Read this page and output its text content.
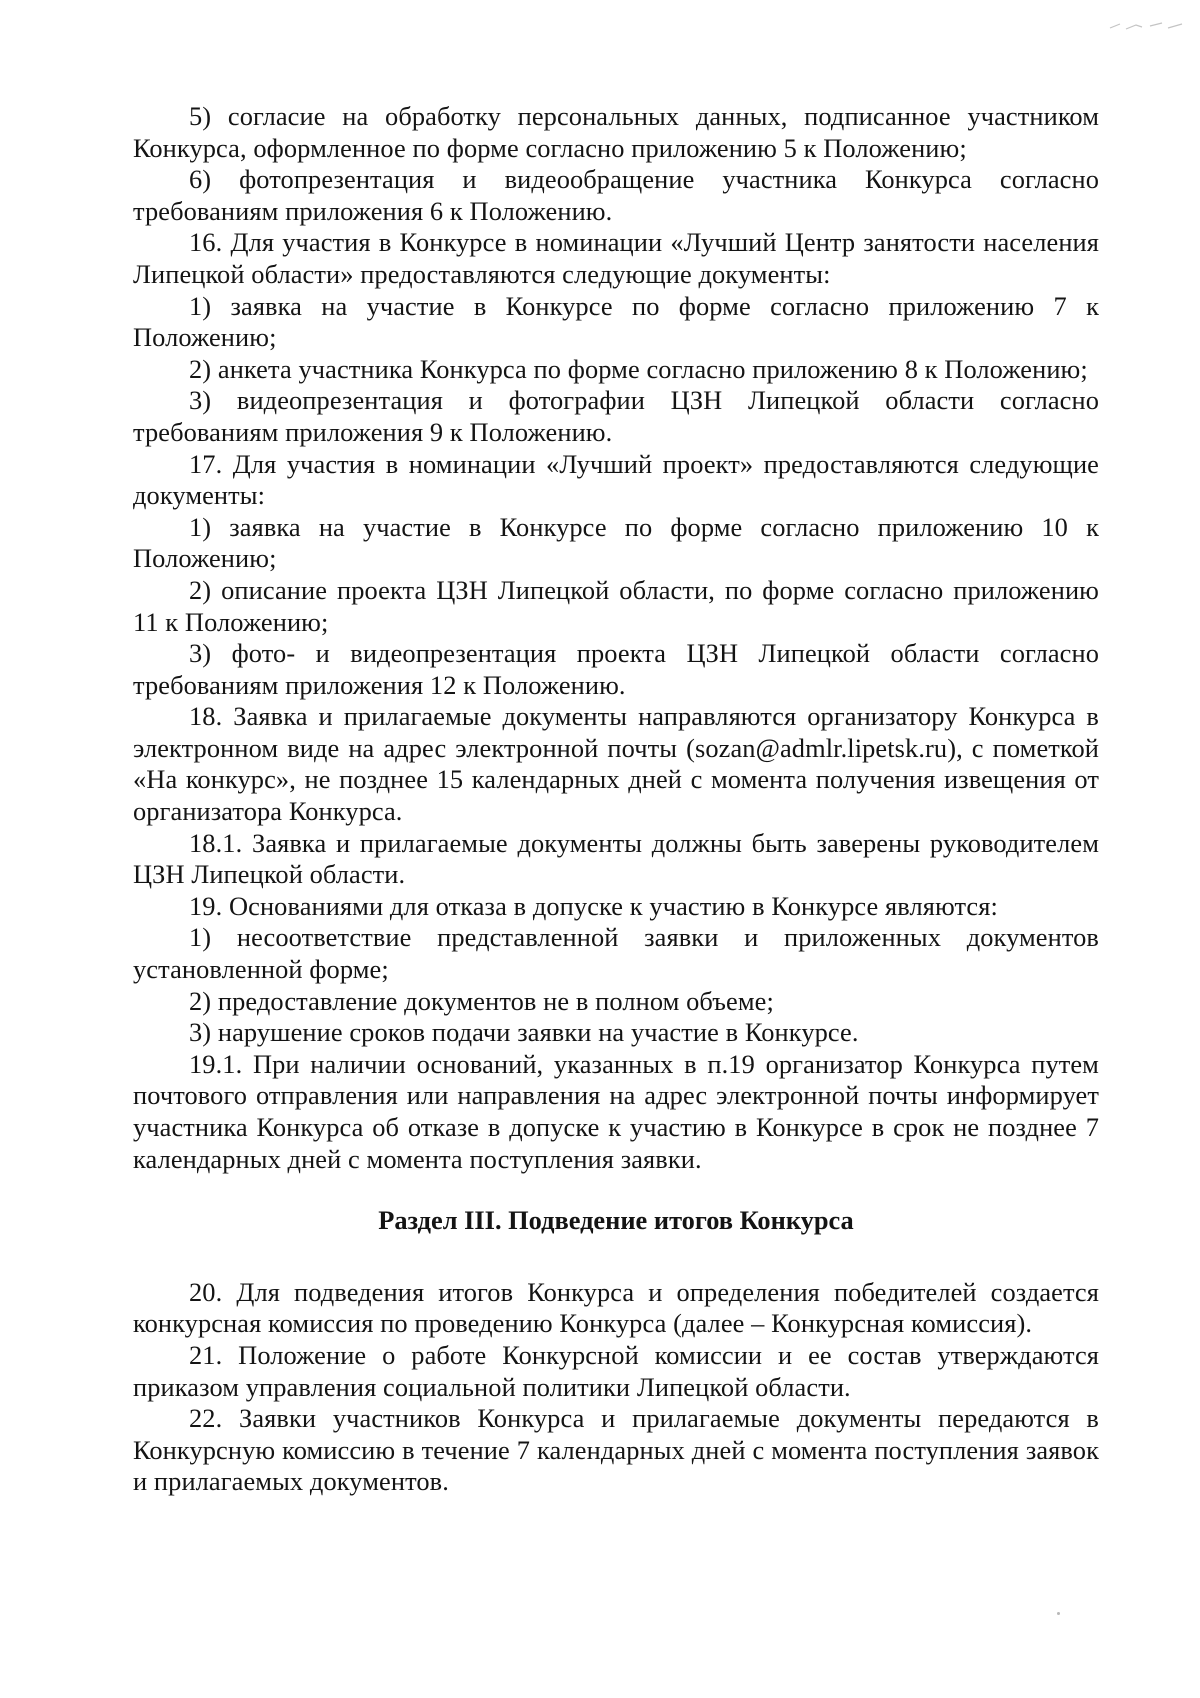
5) согласие на обработку персональных данных, подписанное участником Конкурса, оформленное по форме согласно приложению 5 к Положению;

6) фотопрезентация и видеообращение участника Конкурса согласно требованиям приложения 6 к Положению.

16. Для участия в Конкурсе в номинации «Лучший Центр занятости населения Липецкой области» предоставляются следующие документы:

1) заявка на участие в Конкурсе по форме согласно приложению 7 к Положению;

2) анкета участника Конкурса по форме согласно приложению 8 к Положению;

3) видеопрезентация и фотографии ЦЗН Липецкой области согласно требованиям приложения 9 к Положению.

17. Для участия в номинации «Лучший проект» предоставляются следующие документы:

1) заявка на участие в Конкурсе по форме согласно приложению 10 к Положению;

2) описание проекта ЦЗН Липецкой области, по форме согласно приложению 11 к Положению;

3) фото- и видеопрезентация проекта ЦЗН Липецкой области согласно требованиям приложения 12 к Положению.

18. Заявка и прилагаемые документы направляются организатору Конкурса в электронном виде на адрес электронной почты (sozan@admlr.lipetsk.ru), с пометкой «На конкурс», не позднее 15 календарных дней с момента получения извещения от организатора Конкурса.

18.1. Заявка и прилагаемые документы должны быть заверены руководителем ЦЗН Липецкой области.

19. Основаниями для отказа в допуске к участию в Конкурсе являются:

1) несоответствие представленной заявки и приложенных документов установленной форме;

2) предоставление документов не в полном объеме;

3) нарушение сроков подачи заявки на участие в Конкурсе.

19.1. При наличии оснований, указанных в п.19 организатор Конкурса путем почтового отправления или направления на адрес электронной почты информирует участника Конкурса об отказе в допуске к участию в Конкурсе в срок не позднее 7 календарных дней с момента поступления заявки.

Раздел III. Подведение итогов Конкурса

20. Для подведения итогов Конкурса и определения победителей создается конкурсная комиссия по проведению Конкурса (далее – Конкурсная комиссия).

21. Положение о работе Конкурсной комиссии и ее состав утверждаются приказом управления социальной политики Липецкой области.

22. Заявки участников Конкурса и прилагаемые документы передаются в Конкурсную комиссию в течение 7 календарных дней с момента поступления заявок и прилагаемых документов.
